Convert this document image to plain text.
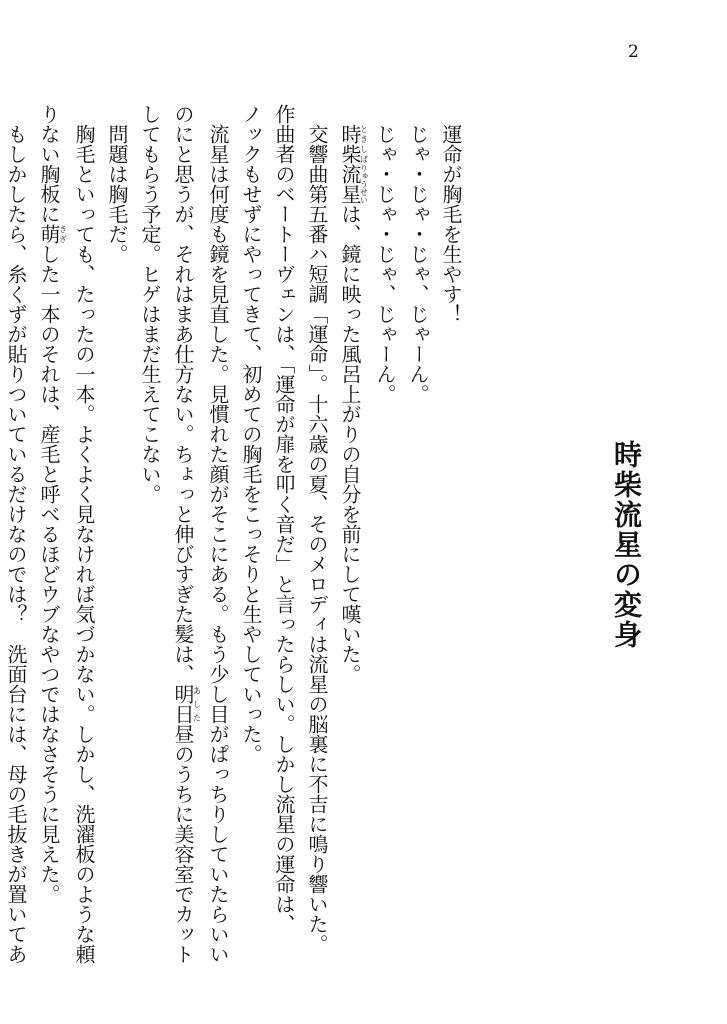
2
時柴流星の変身
運命が胸毛を生やす！
じゃ・じゃ・じゃ、じゃーん。
じゃ・じゃ・じゃ、じゃーん。
時柴ときしば流星りゅうせいは、鏡に映った風呂上がりの自分を前にして嘆いた。
交響曲第五番ハ短調「運命」。十六歳の夏、そのメロディは流星の脳裏に不吉に鳴り響いた。
作曲者のベートーヴェンは、「運命が扉を叩く音だ」と言ったらしい。しかし流星の運命は、
ノックもせずにやってきて、初めての胸毛をこっそりと生やしていった。
流星は何度も鏡を見直した。見慣れた顔がそこにある。もう少し目がぱっちりしていたらいい
のにと思うが、それはまあ仕方ない。ちょっと伸びすぎた髪は、明日あした昼のうちに美容室でカット
してもらう予定。ヒゲはまだ生えてこない。
問題は胸毛だ。
胸毛といっても、たったの一本。よくよく見なければ気づかない。しかし、洗濯板のような頼
りない胸板に萌きざした一本のそれは、産毛と呼べるほどウブなやつではなさそうに見えた。
もしかしたら、糸くずが貼りついているだけなのでは？　洗面台には、母の毛抜きが置いてあ
